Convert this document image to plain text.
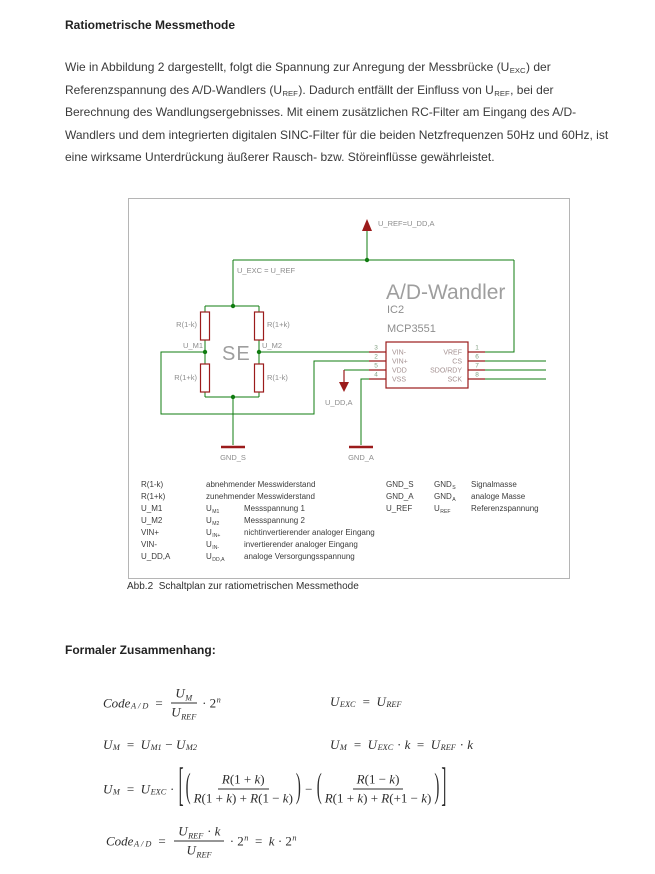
Ratiometrische Messmethode
Wie in Abbildung 2 dargestellt, folgt die Spannung zur Anregung der Messbrücke $(U_{EXC})$ der
Referenzspannung des A/D-Wandlers $(U_{REF})$. Dadurch entfällt der Einfluss von $U_{REF}$, bei der
Berechnung des Wandlungsergebnisses. Mit einem zusätzlichen RC-Filter am Eingang des A/D-
Wandlers und dem integrierten digitalen SINC-Filter für die beiden Netzfrequenzen 50Hz und 60Hz, ist
eine wirksame Unterdrückung äußerer Rausch- bzw. Störeinflüsse gewährleistet.
U_REF=U_DD,A
U_EXC = U_REF
R(1-k)	R(1+k)
R(1+k)	R(1-k)
U_M1	U_M2
SE
GND_S	GND_A
U_DD,A
A/D-Wandler
IC2
MCP3551
3
2
5
4
1
6
7
8
VIN-
VIN+
VDD
VSS
VREF
CS
SDO/RDY
SCK
R(1-k)	abnehmender Messwiderstand
R(1+k)	zunehmender Messwiderstand
U_M1	UM1	Messspannung 1
U_M2	UM2	Messspannung 2
VIN+	UIN+	nichtinvertierender analoger Eingang
VIN-	UIN-	invertierender analoger Eingang
U_DD,A	UDD,A	analoge Versorgungsspannung
GND_S	GNDS	Signalmasse
GND_A	GNDA	analoge Masse
U_REF	UREF	Referenzspannung
Abb.2  Schaltplan zur ratiometrischen Messmethode
Formaler Zusammenhang:
Code $A / D = \frac{U_M}{U_{REF}} \cdot 2$ n	U EXC = U REF
U M = U M1 − U M2	U M = U EXC · k = U REF · k
U M = U EXC · [ ( $\frac{R(1 + k)}{R(1 + k) + R(1 - k)}$ ) − ( $\frac{R(1 - k)}{R(1 + k) + R(+1 - k)}$ ) ]
Code $A / D = \frac{U_{REF} \cdot k}{U_{REF}} \cdot 2$ n = k · 2 n
